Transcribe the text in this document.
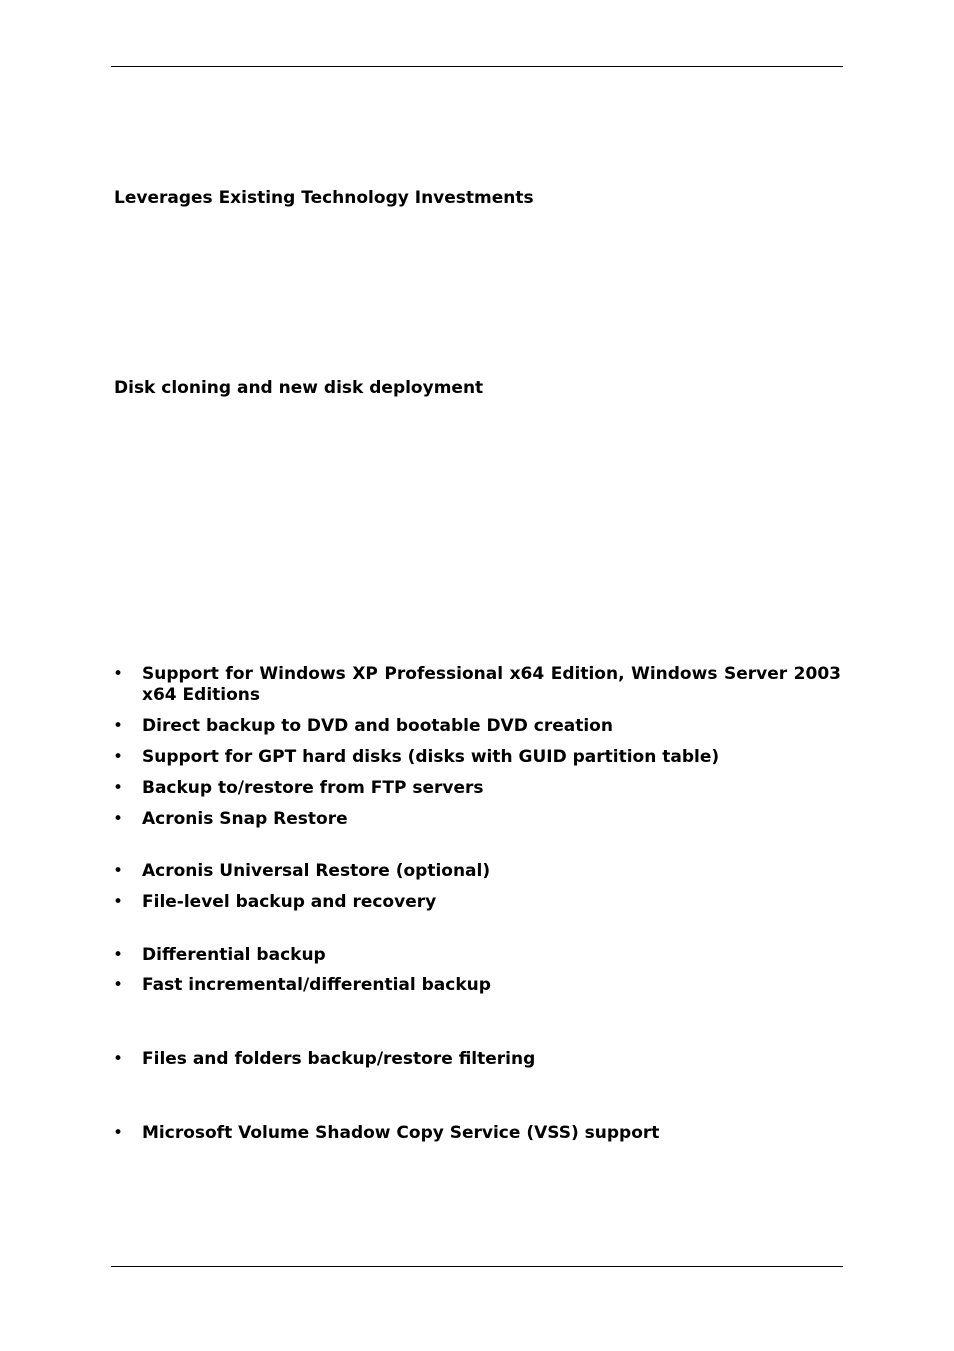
Leverages Existing Technology Investments
Disk cloning and new disk deployment
• Support for Windows XP Professional x64 Edition, Windows Server 2003 x64 Editions
• Direct backup to DVD and bootable DVD creation
• Support for GPT hard disks (disks with GUID partition table)
• Backup to/restore from FTP servers
• Acronis Snap Restore
• Acronis Universal Restore (optional)
• File-level backup and recovery
• Differential backup
• Fast incremental/differential backup
• Files and folders backup/restore filtering
• Microsoft Volume Shadow Copy Service (VSS) support
